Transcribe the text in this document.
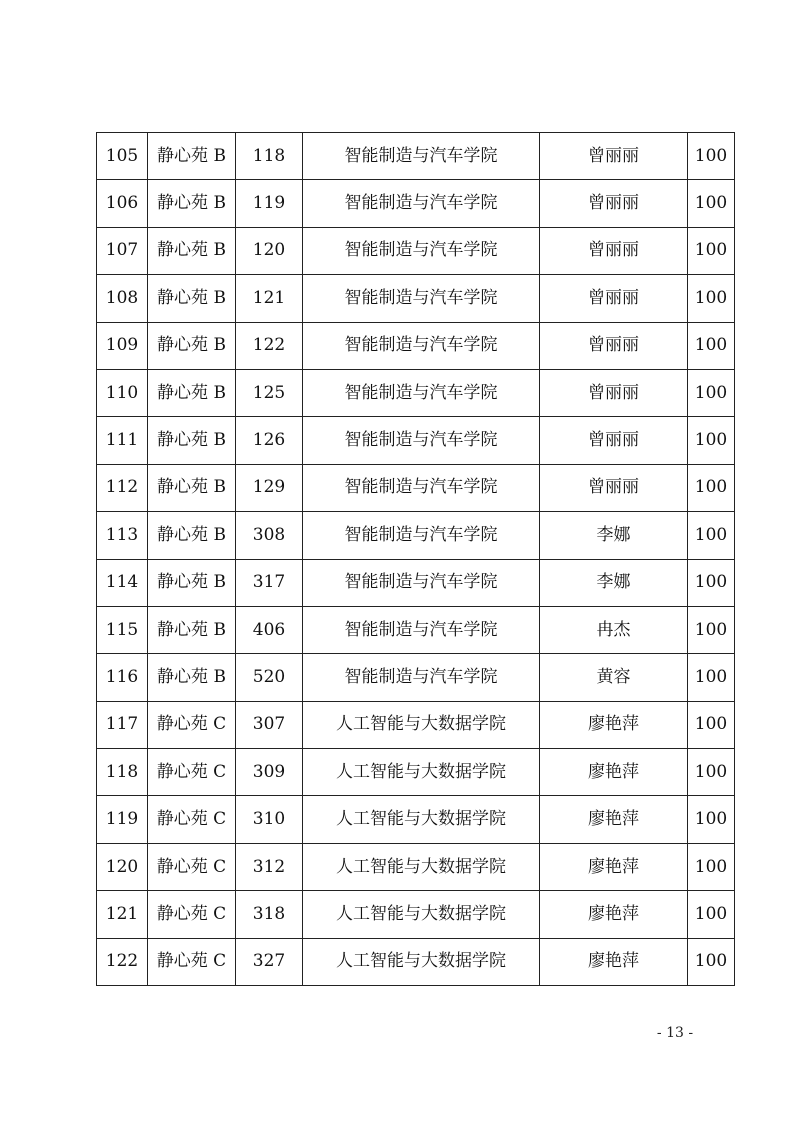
105	静心苑 B	118	智能制造与汽车学院	曾丽丽	100
106	静心苑 B	119	智能制造与汽车学院	曾丽丽	100
107	静心苑 B	120	智能制造与汽车学院	曾丽丽	100
108	静心苑 B	121	智能制造与汽车学院	曾丽丽	100
109	静心苑 B	122	智能制造与汽车学院	曾丽丽	100
110	静心苑 B	125	智能制造与汽车学院	曾丽丽	100
111	静心苑 B	126	智能制造与汽车学院	曾丽丽	100
112	静心苑 B	129	智能制造与汽车学院	曾丽丽	100
113	静心苑 B	308	智能制造与汽车学院	李娜	100
114	静心苑 B	317	智能制造与汽车学院	李娜	100
115	静心苑 B	406	智能制造与汽车学院	冉杰	100
116	静心苑 B	520	智能制造与汽车学院	黄容	100
117	静心苑 C	307	人工智能与大数据学院	廖艳萍	100
118	静心苑 C	309	人工智能与大数据学院	廖艳萍	100
119	静心苑 C	310	人工智能与大数据学院	廖艳萍	100
120	静心苑 C	312	人工智能与大数据学院	廖艳萍	100
121	静心苑 C	318	人工智能与大数据学院	廖艳萍	100
122	静心苑 C	327	人工智能与大数据学院	廖艳萍	100
- 13 -
